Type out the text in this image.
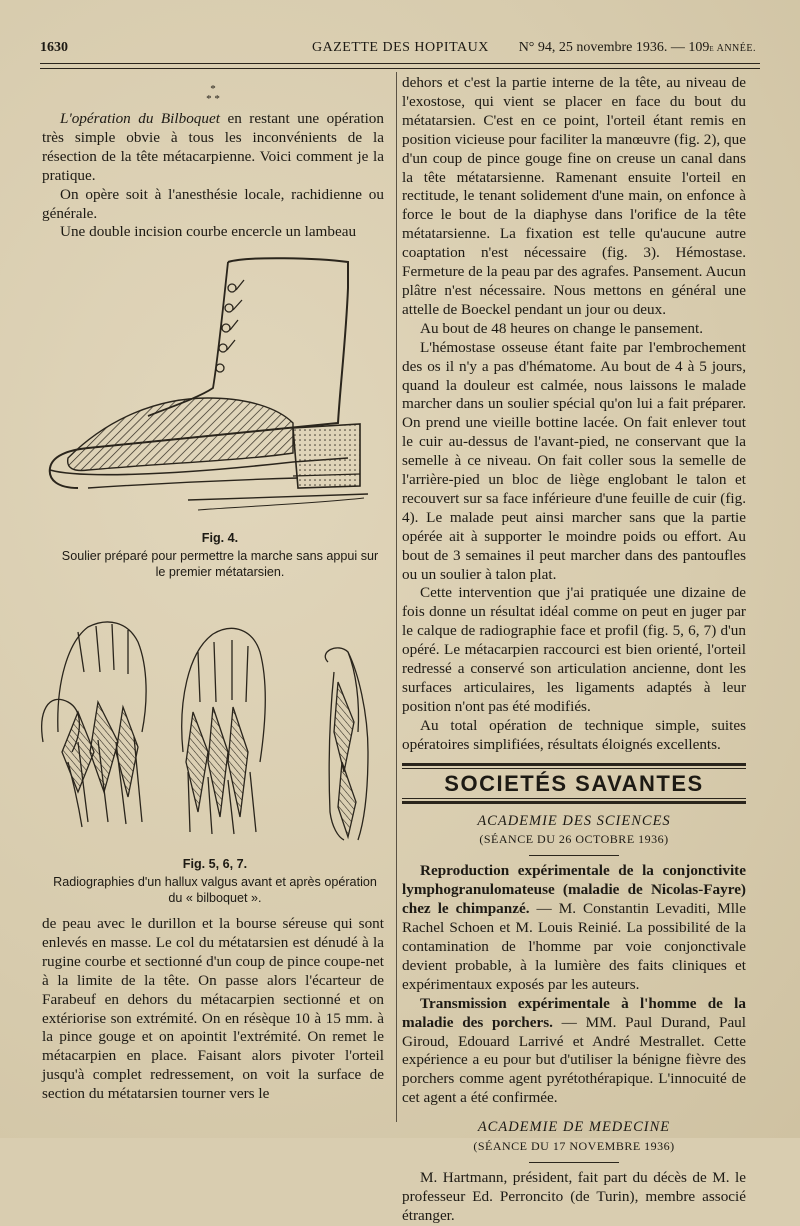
1630	GAZETTE DES HOPITAUX N° 94, 25 novembre 1936. — 109e ANNÉE.
*
* *

L'opération du Bilboquet en restant une opération très simple obvie à tous les inconvénients de la résection de la tête métacarpienne. Voici comment je la pratique.

On opère soit à l'anesthésie locale, rachidienne ou générale.

Une double incision courbe encercle un lambeau

Fig. 4.
Soulier préparé pour permettre la marche sans appui sur le premier métatarsien.
Fig. 5, 6, 7.
Radiographies d'un hallux valgus avant et après opération du « bilboquet ».

de peau avec le durillon et la bourse séreuse qui sont enlevés en masse. Le col du métatarsien est dénudé à la rugine courbe et sectionné d'un coup de pince coupe-net à la limite de la tête. On passe alors l'écarteur de Farabeuf en dehors du métacarpien sectionné et on extériorise son extrémité. On en résèque 10 à 15 mm. à la pince gouge et on apointit l'extrémité. On remet le métacarpien en place. Faisant alors pivoter l'orteil jusqu'à complet redressement, on voit la surface de section du métatarsien tourner vers le

dehors et c'est la partie interne de la tête, au niveau de l'exostose, qui vient se placer en face du bout du métatarsien. C'est en ce point, l'orteil étant remis en position vicieuse pour faciliter la manœuvre (fig. 2), que d'un coup de pince gouge fine on creuse un canal dans la tête métatarsienne. Ramenant ensuite l'orteil en rectitude, le tenant solidement d'une main, on enfonce à force le bout de la diaphyse dans l'orifice de la tête métatarsienne. La fixation est telle qu'aucune autre coaptation n'est nécessaire (fig. 3). Hémostase. Fermeture de la peau par des agrafes. Pansement. Aucun plâtre n'est nécessaire. Nous mettons en général une attelle de Boeckel pendant un jour ou deux.

Au bout de 48 heures on change le pansement.

L'hémostase osseuse étant faite par l'embrochement des os il n'y a pas d'hématome. Au bout de 4 à 5 jours, quand la douleur est calmée, nous laissons le malade marcher dans un soulier spécial qu'on lui a fait préparer. On prend une vieille bottine lacée. On fait enlever tout le cuir au-dessus de l'avant-pied, ne conservant que la semelle à ce niveau. On fait coller sous la semelle de l'arrière-pied un bloc de liège englobant le talon et recouvert sur sa face inférieure d'une feuille de cuir (fig. 4). Le malade peut ainsi marcher sans que la partie opérée ait à supporter le moindre poids ou effort. Au bout de 3 semaines il peut marcher dans des pantoufles ou un soulier à talon plat.

Cette intervention que j'ai pratiquée une dizaine de fois donne un résultat idéal comme on peut en juger par le calque de radiographie face et profil (fig. 5, 6, 7) d'un opéré. Le métacarpien raccourci est bien orienté, l'orteil redressé a conservé son articulation ancienne, dont les surfaces articulaires, les ligaments adaptés à leur position n'ont pas été modifiés.

Au total opération de technique simple, suites opératoires simplifiées, résultats éloignés excellents.

SOCIETÉS SAVANTES
ACADEMIE DES SCIENCES
(SÉANCE DU 26 OCTOBRE 1936)

Reproduction expérimentale de la conjonctivite lymphogranulomateuse (maladie de Nicolas-Fayre) chez le chimpanzé. — M. Constantin Levaditi, Mlle Rachel Schoen et M. Louis Reinié. La possibilité de la contamination de l'homme par voie conjonctivale devient probable, à la lumière des faits cliniques et expérimentaux exposés par les auteurs.

Transmission expérimentale à l'homme de la maladie des porchers. — MM. Paul Durand, Paul Giroud, Edouard Larrivé et André Mestrallet. Cette expérience a eu pour but d'utiliser la bénigne fièvre des porchers comme agent pyrétothérapique. L'innocuité de cet agent a été confirmée.

ACADEMIE DE MEDECINE
(SÉANCE DU 17 NOVEMBRE 1936)

M. Hartmann, président, fait part du décès de M. le professeur Ed. Perroncito (de Turin), membre associé étranger.
